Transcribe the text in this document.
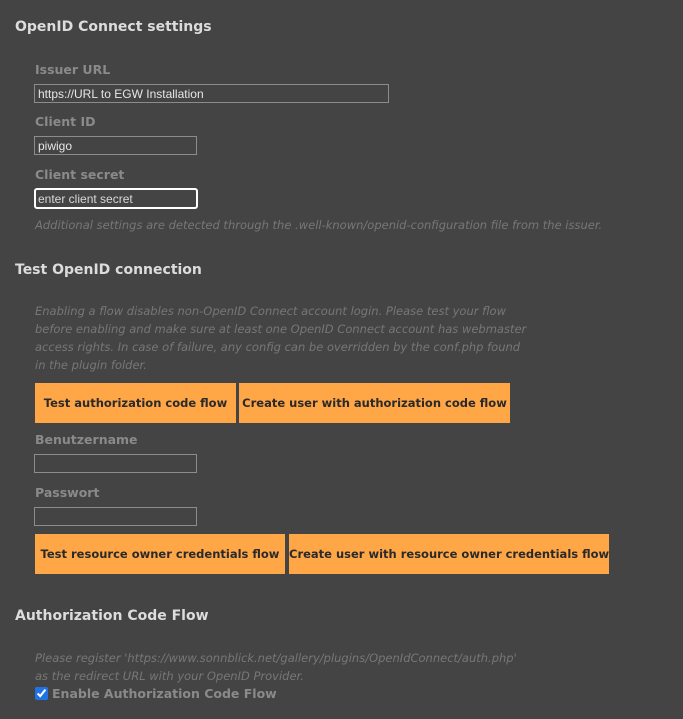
OpenID Connect settings
Issuer URL
https://URL to EGW Installation
Client ID
piwigo
Client secret
Additional settings are detected through the .well-known/openid-configuration file from the issuer.
Test OpenID connection
Enabling a flow disables non-OpenID Connect account login. Please test your flow
before enabling and make sure at least one OpenID Connect account has webmaster
access rights. In case of failure, any config can be overridden by the conf.php found
in the plugin folder.
Test authorization code flow	Create user with authorization code flow
Benutzername
Passwort
Test resource owner credentials flow Create user with resource owner credentials flow
Authorization Code Flow
Please register 'https://www.sonnblick.net/gallery/plugins/OpenIdConnect/auth.php'
as the redirect URL with your OpenID Provider.
Enable Authorization Code Flow
